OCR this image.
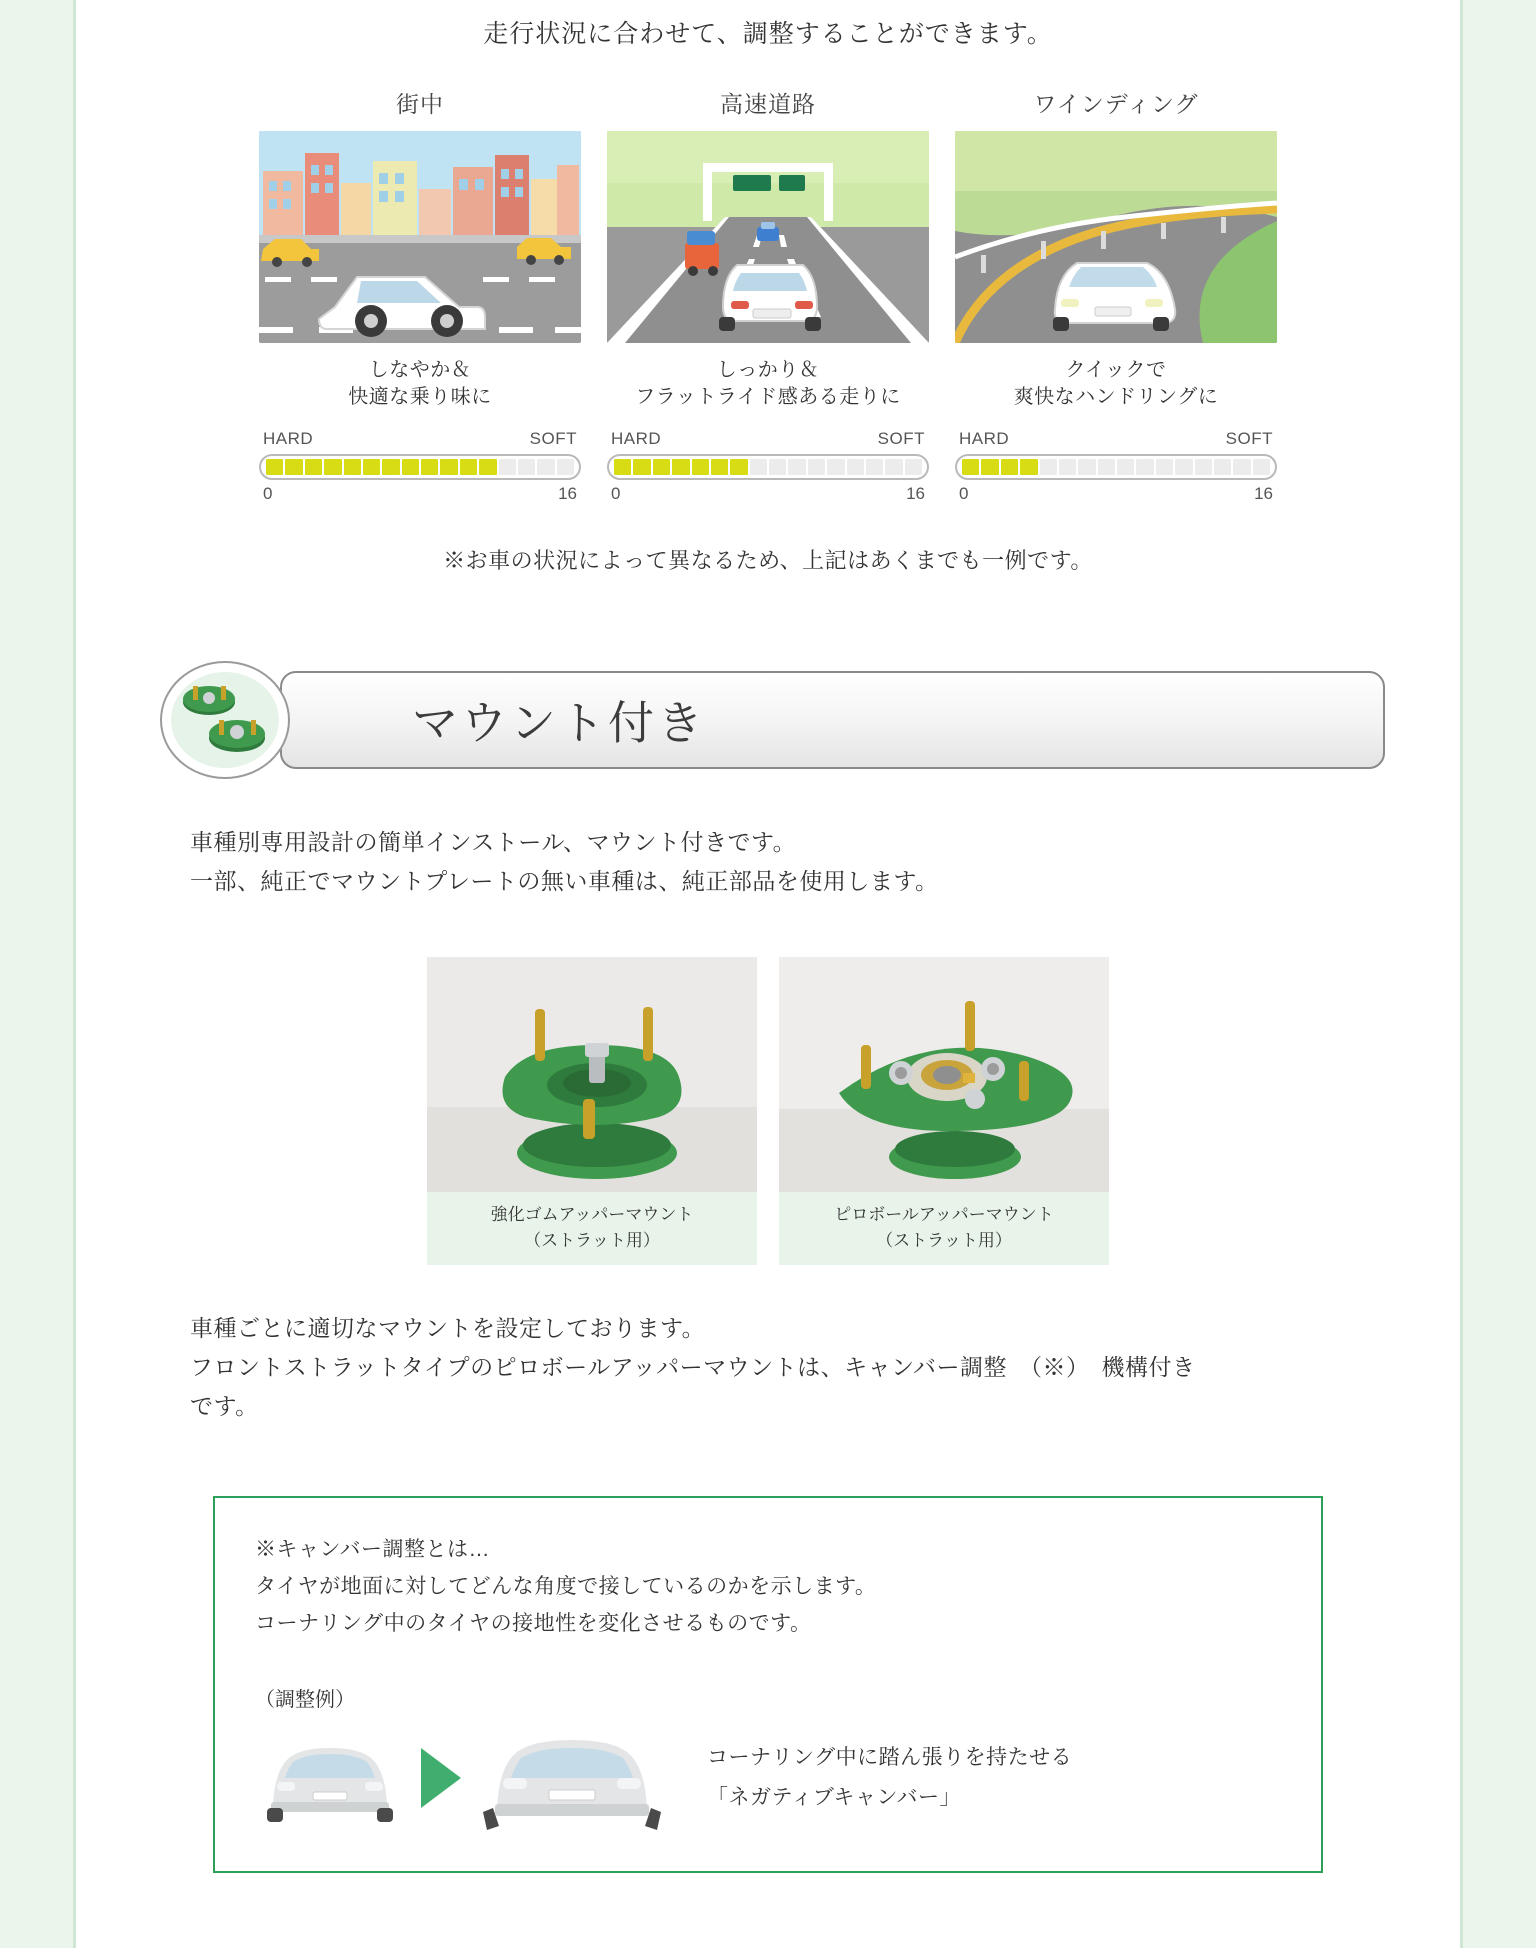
走行状況に合わせて、調整することができます。
街中
しなやか＆
快適な乗り味に
HARD	SOFT
0	16
高速道路
しっかり＆
フラットライド感ある走りに
HARD	SOFT
0	16
ワインディング
クイックで
爽快なハンドリングに
HARD	SOFT
0	16
※お車の状況によって異なるため、上記はあくまでも一例です。
マウント付き
車種別専用設計の簡単インストール、マウント付きです。
一部、純正でマウントプレートの無い車種は、純正部品を使用します。
強化ゴムアッパーマウント
（ストラット用）
ピロボールアッパーマウント
（ストラット用）
車種ごとに適切なマウントを設定しております。
フロントストラットタイプのピロボールアッパーマウントは、キャンバー調整　（※）　機構付き
です。
※キャンバー調整とは…
タイヤが地面に対してどんな角度で接しているのかを示します。
コーナリング中のタイヤの接地性を変化させるものです。
（調整例）
コーナリング中に踏ん張りを持たせる
「ネガティブキャンバー」
